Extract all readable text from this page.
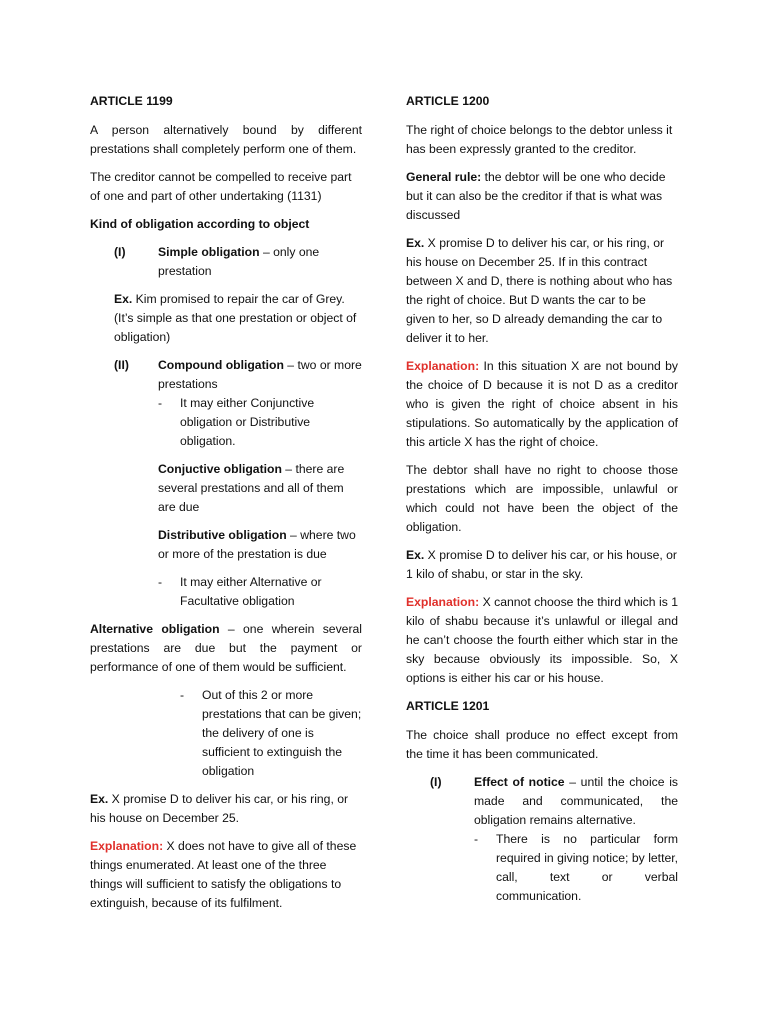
ARTICLE 1199

A person alternatively bound by different prestations shall completely perform one of them.

The creditor cannot be compelled to receive part of one and part of other undertaking (1131)

Kind of obligation according to object

(I)	Simple obligation – only one prestation

Ex. Kim promised to repair the car of Grey. (It’s simple as that one prestation or object of obligation)

(II)	Compound obligation – two or more prestations
-	It may either Conjunctive obligation or Distributive obligation.

Conjuctive obligation – there are several prestations and all of them are due

Distributive obligation – where two or more of the prestation is due

-	It may either Alternative or Facultative obligation

Alternative obligation – one wherein several prestations are due but the payment or performance of one of them would be sufficient.

-	Out of this 2 or more prestations that can be given; the delivery of one is sufficient to extinguish the obligation

Ex. X promise D to deliver his car, or his ring, or his house on December 25.

Explanation: X does not have to give all of these things enumerated. At least one of the three things will sufficient to satisfy the obligations to extinguish, because of its fulfilment.

ARTICLE 1200

The right of choice belongs to the debtor unless it has been expressly granted to the creditor.

General rule: the debtor will be one who decide but it can also be the creditor if that is what was discussed

Ex. X promise D to deliver his car, or his ring, or his house on December 25. If in this contract between X and D, there is nothing about who has the right of choice. But D wants the car to be given to her, so D already demanding the car to deliver it to her.

Explanation: In this situation X are not bound by the choice of D because it is not D as a creditor who is given the right of choice absent in his stipulations. So automatically by the application of this article X has the right of choice.

The debtor shall have no right to choose those prestations which are impossible, unlawful or which could not have been the object of the obligation.

Ex. X promise D to deliver his car, or his house, or 1 kilo of shabu, or star in the sky.

Explanation: X cannot choose the third which is 1 kilo of shabu because it’s unlawful or illegal and he can’t choose the fourth either which star in the sky because obviously its impossible. So, X options is either his car or his house.

ARTICLE 1201

The choice shall produce no effect except from the time it has been communicated.

(I)	Effect of notice – until the choice is made and communicated, the obligation remains alternative.
-	There is no particular form required in giving notice; by letter, call, text or verbal communication.
